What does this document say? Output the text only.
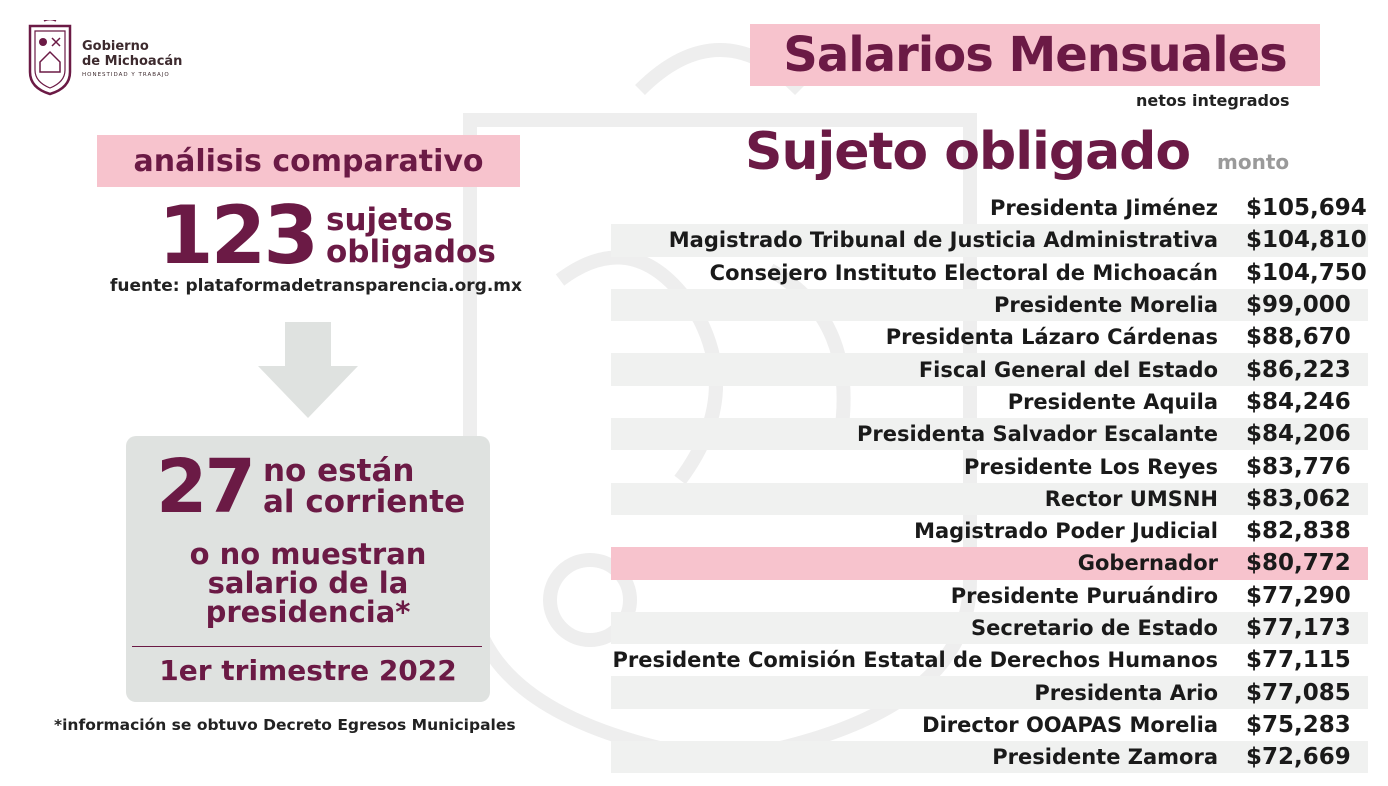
Gobierno
de Michoacán
HONESTIDAD Y TRABAJO
análisis comparativo
123 sujetos
obligados
fuente: plataformadetransparencia.org.mx
27 no están
al corriente
o no muestran
salario de la
presidencia*
1er trimestre 2022
*información se obtuvo Decreto Egresos Municipales
Salarios Mensuales
netos integrados
Sujeto obligado monto
Presidenta Jiménez	$105,694
Magistrado Tribunal de Justicia Administrativa	$104,810
Consejero Instituto Electoral de Michoacán	$104,750
Presidente Morelia	$99,000
Presidenta Lázaro Cárdenas	$88,670
Fiscal General del Estado	$86,223
Presidente Aquila	$84,246
Presidenta Salvador Escalante	$84,206
Presidente Los Reyes	$83,776
Rector UMSNH	$83,062
Magistrado Poder Judicial	$82,838
Gobernador	$80,772
Presidente Puruándiro	$77,290
Secretario de Estado	$77,173
Presidente Comisión Estatal de Derechos Humanos	$77,115
Presidenta Ario	$77,085
Director OOAPAS Morelia	$75,283
Presidente Zamora	$72,669
